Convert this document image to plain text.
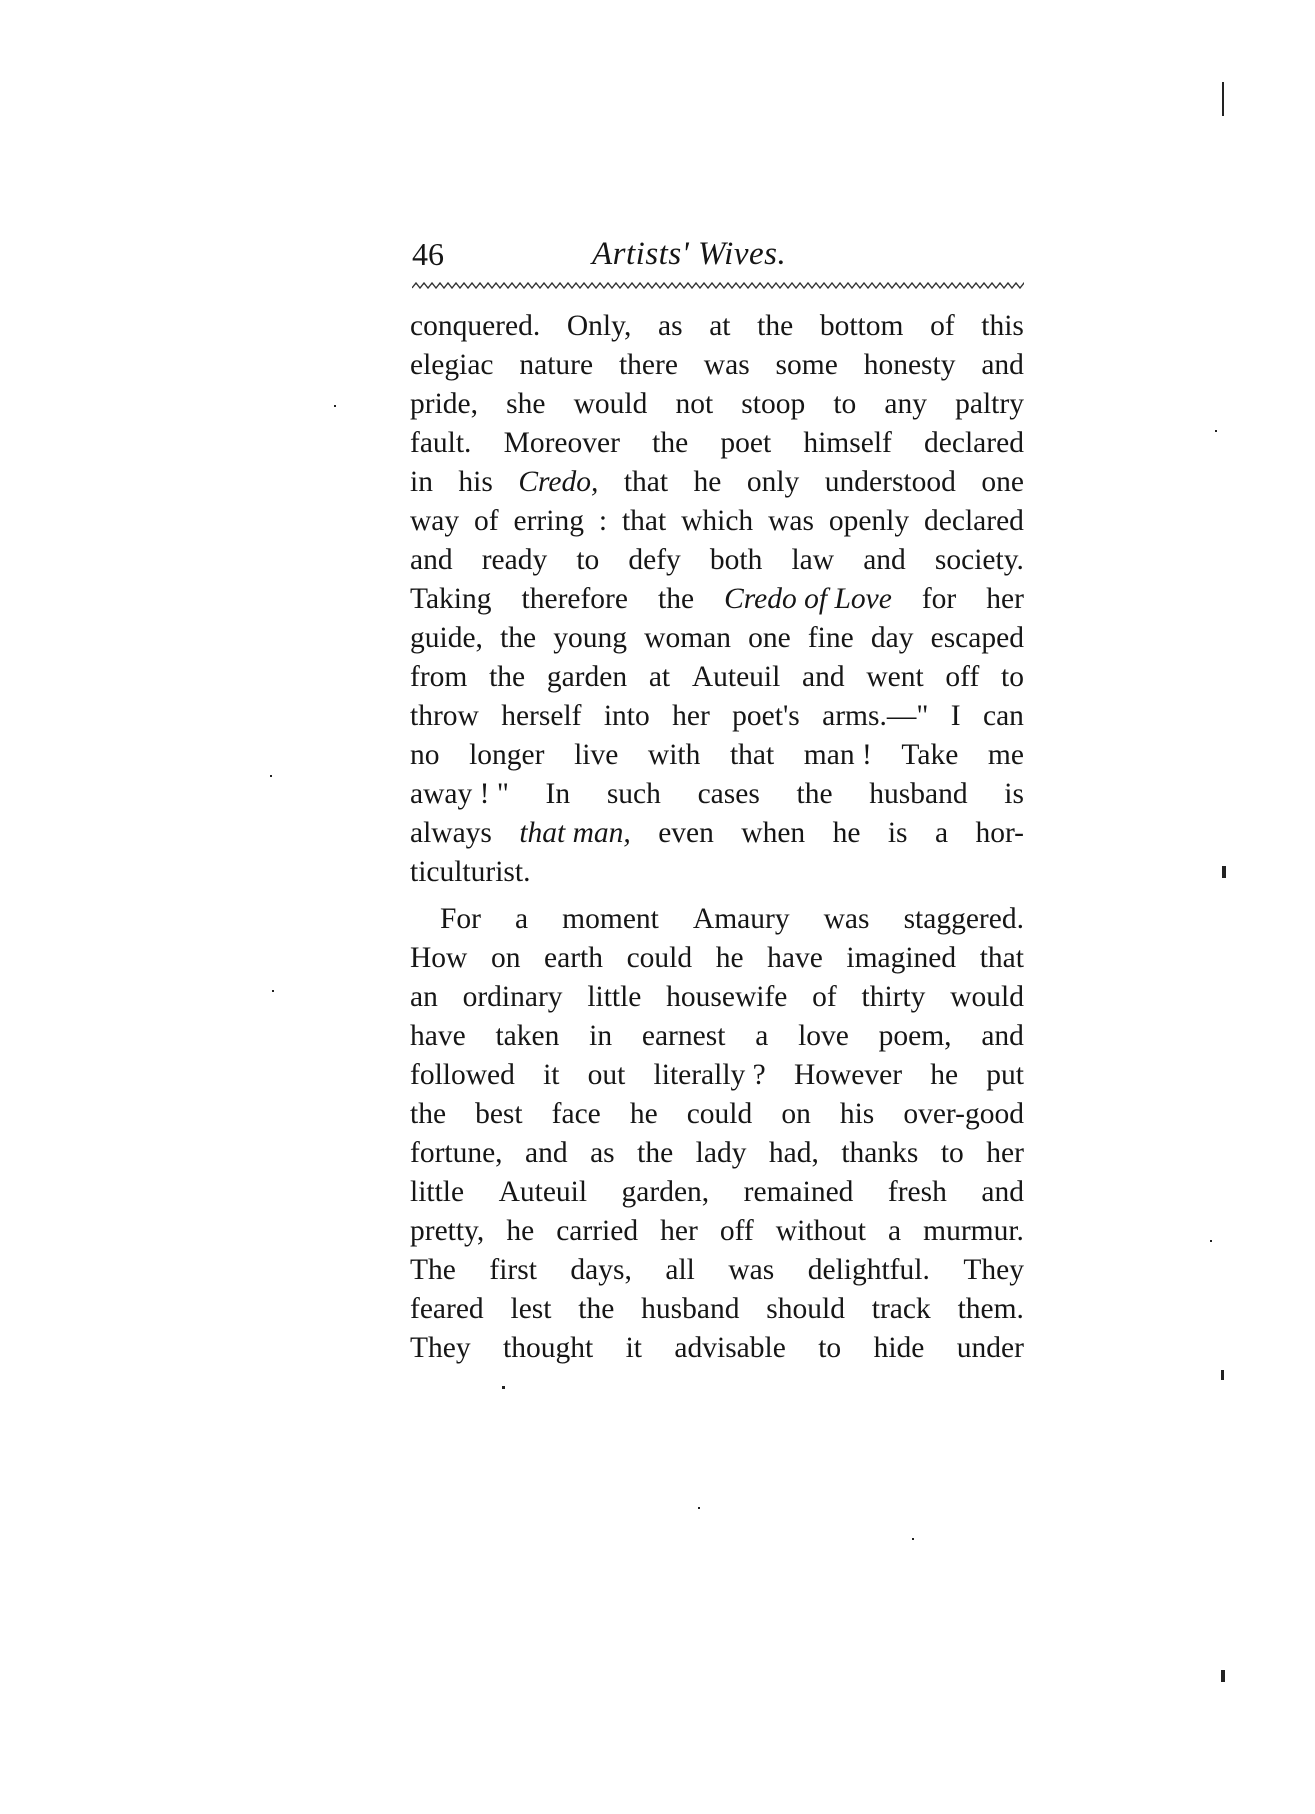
46	Artists' Wives.
conquered. Only, as at the bottom of this
elegiac nature there was some honesty and
pride, she would not stoop to any paltry
fault. Moreover the poet himself declared
in his Credo, that he only understood one
way of erring : that which was openly declared
and ready to defy both law and society.
Taking therefore the Credo of Love for her
guide, the young woman one fine day escaped
from the garden at Auteuil and went off to
throw herself into her poet's arms.—" I can
no longer live with that man ! Take me
away ! " In such cases the husband is
always that man, even when he is a hor-
ticulturist.
For a moment Amaury was staggered.
How on earth could he have imagined that
an ordinary little housewife of thirty would
have taken in earnest a love poem, and
followed it out literally ? However he put
the best face he could on his over-good
fortune, and as the lady had, thanks to her
little Auteuil garden, remained fresh and
pretty, he carried her off without a murmur.
The first days, all was delightful. They
feared lest the husband should track them.
They thought it advisable to hide under
